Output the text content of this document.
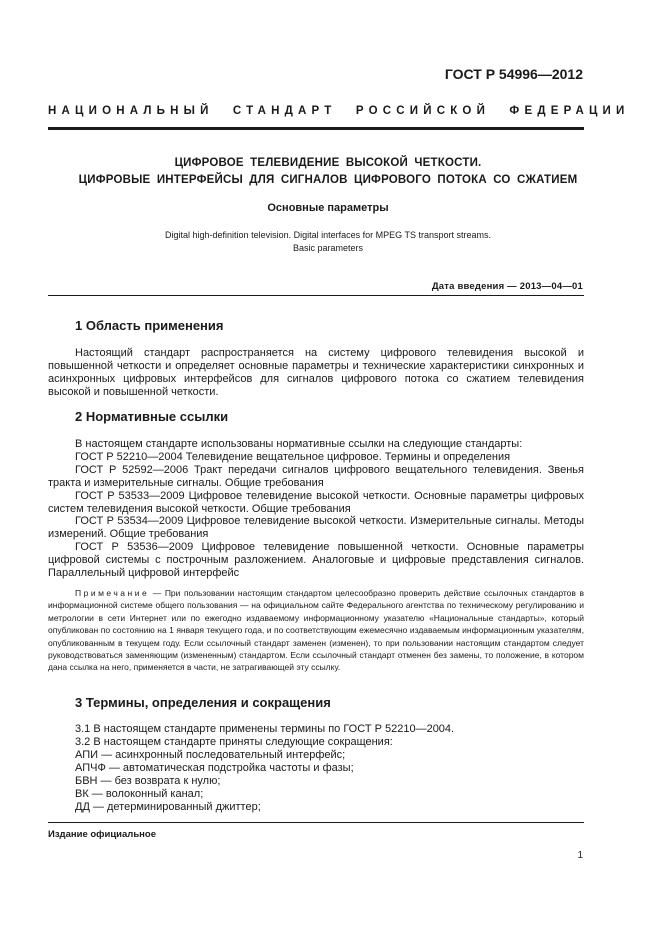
ГОСТ Р 54996—2012
НАЦИОНАЛЬНЫЙ СТАНДАРТ РОССИЙСКОЙ ФЕДЕРАЦИИ
ЦИФРОВОЕ ТЕЛЕВИДЕНИЕ ВЫСОКОЙ ЧЕТКОСТИ.
ЦИФРОВЫЕ ИНТЕРФЕЙСЫ ДЛЯ СИГНАЛОВ ЦИФРОВОГО ПОТОКА СО СЖАТИЕМ
Основные параметры
Digital high-definition television. Digital interfaces for MPEG TS transport streams.
Basic parameters
Дата введения — 2013—04—01
1 Область применения

Настоящий стандарт распространяется на систему цифрового телевидения высокой и повышенной четкости и определяет основные параметры и технические характеристики синхронных и асинхронных цифровых интерфейсов для сигналов цифрового потока со сжатием телевидения высокой и повышенной четкости.

2 Нормативные ссылки

В настоящем стандарте использованы нормативные ссылки на следующие стандарты:

ГОСТ Р 52210—2004 Телевидение вещательное цифровое. Термины и определения

ГОСТ Р 52592—2006 Тракт передачи сигналов цифрового вещательного телевидения. Звенья тракта и измерительные сигналы. Общие требования

ГОСТ Р 53533—2009 Цифровое телевидение высокой четкости. Основные параметры цифровых систем телевидения высокой четкости. Общие требования

ГОСТ Р 53534—2009 Цифровое телевидение высокой четкости. Измерительные сигналы. Методы измерений. Общие требования

ГОСТ Р 53536—2009 Цифровое телевидение повышенной четкости. Основные параметры цифровой системы с построчным разложением. Аналоговые и цифровые представления сигналов. Параллельный цифровой интерфейс

Примечание — При пользовании настоящим стандартом целесообразно проверить действие ссылочных стандартов в информационной системе общего пользования — на официальном сайте Федерального агентства по техническому регулированию и метрологии в сети Интернет или по ежегодно издаваемому информационному указателю «Национальные стандарты», который опубликован по состоянию на 1 января текущего года, и по соответствующим ежемесячно издаваемым информационным указателям, опубликованным в текущем году. Если ссылочный стандарт заменен (изменен), то при пользовании настоящим стандартом следует руководствоваться заменяющим (измененным) стандартом. Если ссылочный стандарт отменен без замены, то положение, в котором дана ссылка на него, применяется в части, не затрагивающей эту ссылку.

3 Термины, определения и сокращения
3.1 В настоящем стандарте применены термины по ГОСТ Р 52210—2004.
3.2 В настоящем стандарте приняты следующие сокращения:
АПИ — асинхронный последовательный интерфейс;
АПЧФ — автоматическая подстройка частоты и фазы;
БВН — без возврата к нулю;
ВК — волоконный канал;
ДД — детерминированный джиттер;
Издание официальное
1
